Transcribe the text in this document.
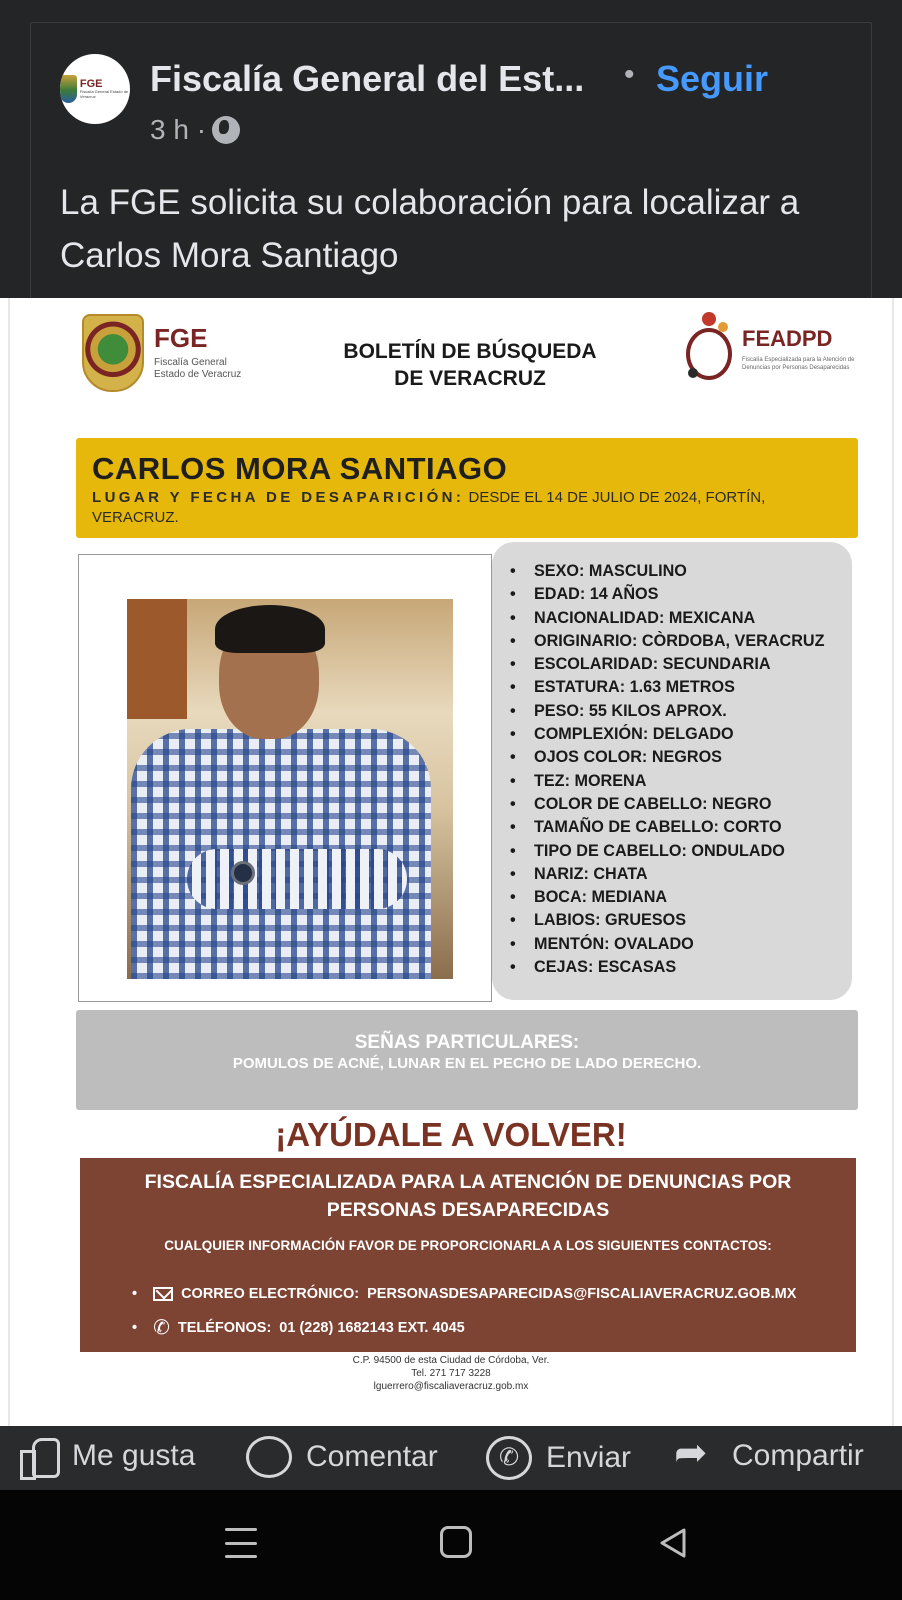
FGE
Fiscalía General Estado de Veracruz	Fiscalía General del Est... • Seguir
3 h ·
La FGE solicita su colaboración para localizar a Carlos Mora Santiago
FGE
Fiscalía General
Estado de Veracruz
BOLETÍN DE BÚSQUEDA
DE VERACRUZ
FEADPD
Fiscalía Especializada para la Atención de Denuncias por Personas Desaparecidas
CARLOS MORA SANTIAGO
LUGAR Y FECHA DE DESAPARICIÓN: DESDE EL 14 DE JULIO DE 2024, FORTÍN, VERACRUZ.
• SEXO: MASCULINO
• EDAD: 14 AÑOS
• NACIONALIDAD: MEXICANA
• ORIGINARIO: CÒRDOBA, VERACRUZ
• ESCOLARIDAD: SECUNDARIA
• ESTATURA: 1.63 METROS
• PESO: 55 KILOS APROX.
• COMPLEXIÓN: DELGADO
• OJOS COLOR: NEGROS
• TEZ: MORENA
• COLOR DE CABELLO: NEGRO
• TAMAÑO DE CABELLO: CORTO
• TIPO DE CABELLO: ONDULADO
• NARIZ: CHATA
• BOCA: MEDIANA
• LABIOS: GRUESOS
• MENTÓN: OVALADO
• CEJAS: ESCASAS
SEÑAS PARTICULARES:
POMULOS DE ACNÉ, LUNAR EN EL PECHO DE LADO DERECHO.
¡AYÚDALE A VOLVER!
FISCALÍA ESPECIALIZADA PARA LA ATENCIÓN DE DENUNCIAS POR
PERSONAS DESAPARECIDAS
CUALQUIER INFORMACIÓN FAVOR DE PROPORCIONARLA A LOS SIGUIENTES CONTACTOS:
•	CORREO ELECTRÓNICO: PERSONASDESAPARECIDAS@FISCALIAVERACRUZ.GOB.MX
• ✆ TELÉFONOS: 01 (228) 1682143 EXT. 4045
C.P. 94500 de esta Ciudad de Córdoba, Ver.
Tel. 271 717 3228
lguerrero@fiscaliaveracruz.gob.mx
Me gusta	Comentar ✆	Enviar ➦	Compartir
